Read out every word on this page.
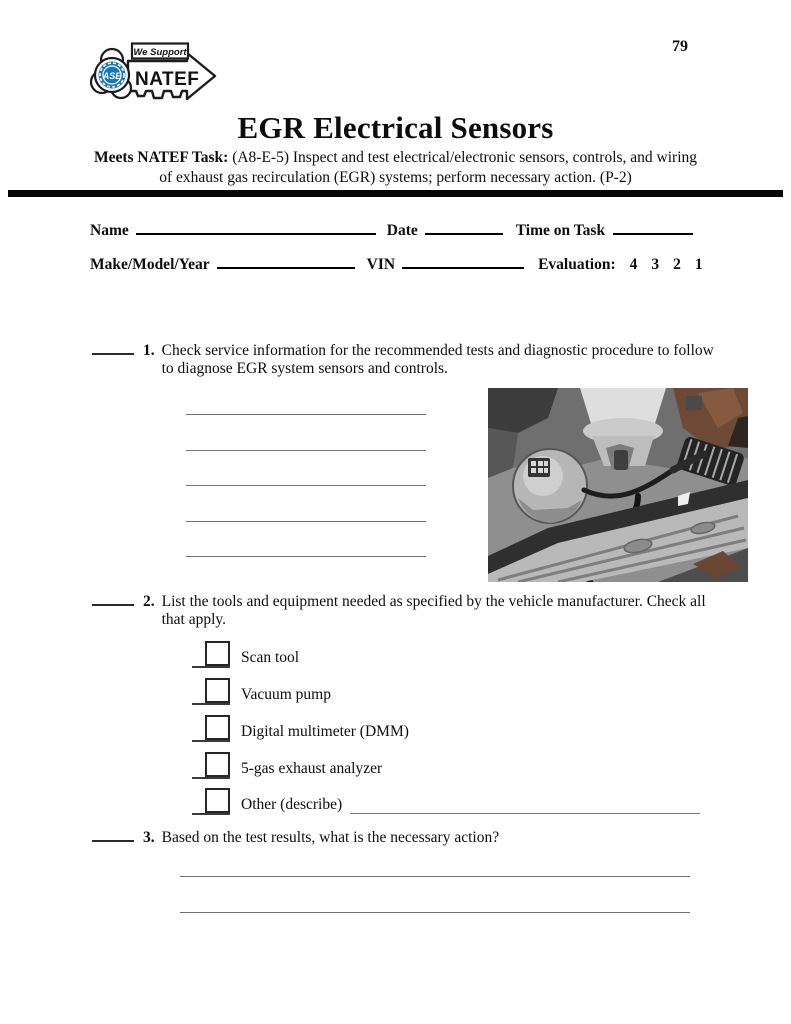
We Support
NATEF
ASE
79
EGR Electrical Sensors
Meets NATEF Task: (A8-E-5) Inspect and test electrical/electronic sensors, controls, and wiring
of exhaust gas recirculation (EGR) systems; perform necessary action. (P-2)
Name	Date	Time on Task
Make/Model/Year	VIN	Evaluation: 4 3 2 1
1. Check service information for the recommended tests and diagnostic procedure to follow to diagnose EGR system sensors and controls.
2. List the tools and equipment needed as specified by the vehicle manufacturer. Check all that apply.
Scan tool
Vacuum pump
Digital multimeter (DMM)
5-gas exhaust analyzer
Other (describe)
3. Based on the test results, what is the necessary action?
